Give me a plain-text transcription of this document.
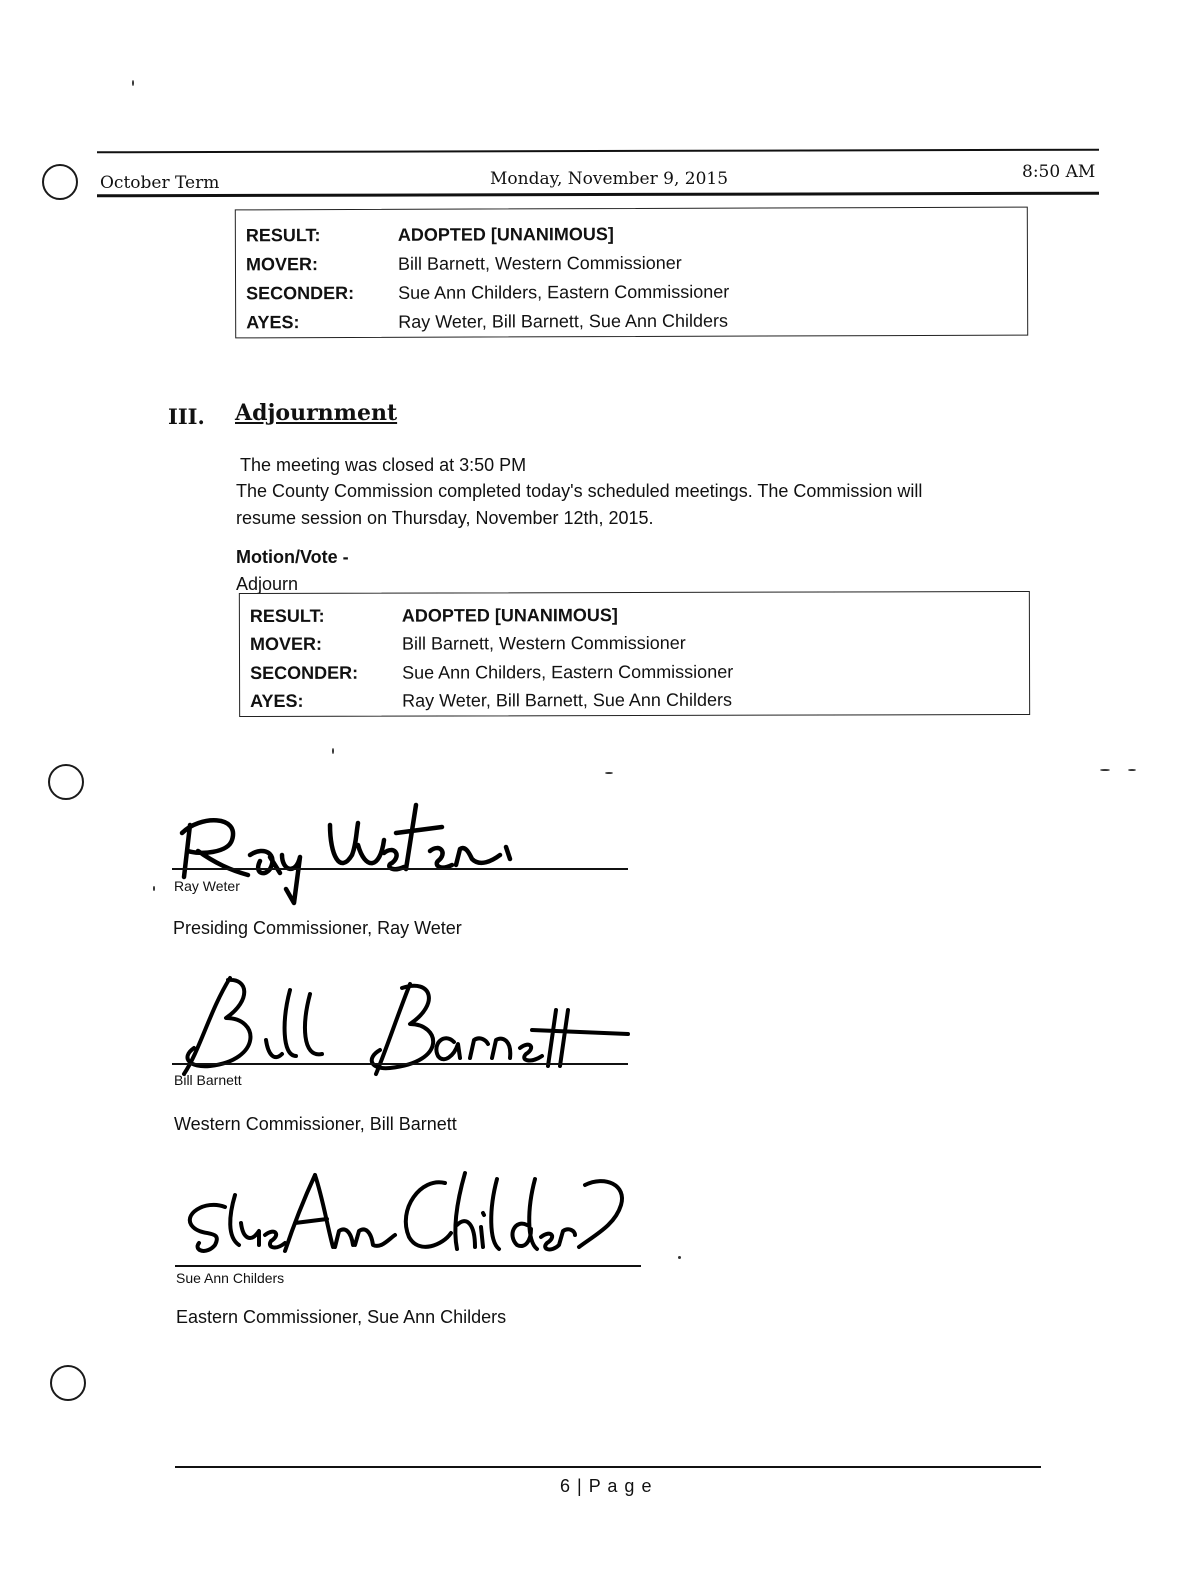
October Term	Monday, November 9, 2015	8:50 AM
RESULT:	ADOPTED [UNANIMOUS]
MOVER:	Bill Barnett, Western Commissioner
SECONDER: Sue Ann Childers, Eastern Commissioner
AYES:	Ray Weter, Bill Barnett, Sue Ann Childers
III. Adjournment
The meeting was closed at 3:50 PM
The County Commission completed today's scheduled meetings. The Commission will
resume session on Thursday, November 12th, 2015.
Motion/Vote -
Adjourn
RESULT:	ADOPTED [UNANIMOUS]
MOVER:	Bill Barnett, Western Commissioner
SECONDER: Sue Ann Childers, Eastern Commissioner
AYES:	Ray Weter, Bill Barnett, Sue Ann Childers
Ray Weter
Presiding Commissioner, Ray Weter
Bill Barnett
Western Commissioner, Bill Barnett
Sue Ann Childers
Eastern Commissioner, Sue Ann Childers
6 | P a g e
